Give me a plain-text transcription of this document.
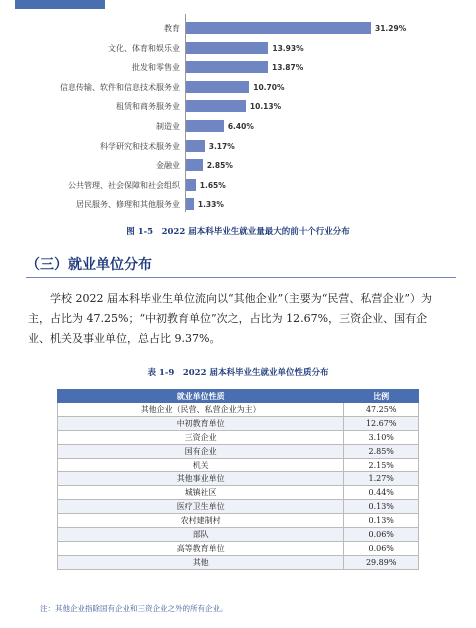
教育	31.29%
文化、体育和娱乐业	13.93%
批发和零售业	13.87%
信息传输、软件和信息技术服务业	10.70%
租赁和商务服务业	10.13%
制造业	6.40%
科学研究和技术服务业	3.17%
金融业	2.85%
公共管理、社会保障和社会组织	1.65%
居民服务、修理和其他服务业 1.33%
图 1-5　2022 届本科毕业生就业量最大的前十个行业分布
（三）就业单位分布
学校 2022 届本科毕业生单位流向以“其他企业”（主要为“民营、私营企业”）为主，占比为 47.25%；“中初教育单位”次之，占比为 12.67%，三资企业、国有企业、机关及事业单位，总占比 9.37%。
表 1-9　2022 届本科毕业生就业单位性质分布
就业单位性质	比例
其他企业（民营、私营企业为主）	47.25%
中初教育单位	12.67%
三资企业	3.10%
国有企业	2.85%
机关	2.15%
其他事业单位	1.27%
城镇社区	0.44%
医疗卫生单位	0.13%
农村建制村	0.13%
部队	0.06%
高等教育单位	0.06%
其他	29.89%
注：其他企业指除国有企业和三资企业之外的所有企业。
